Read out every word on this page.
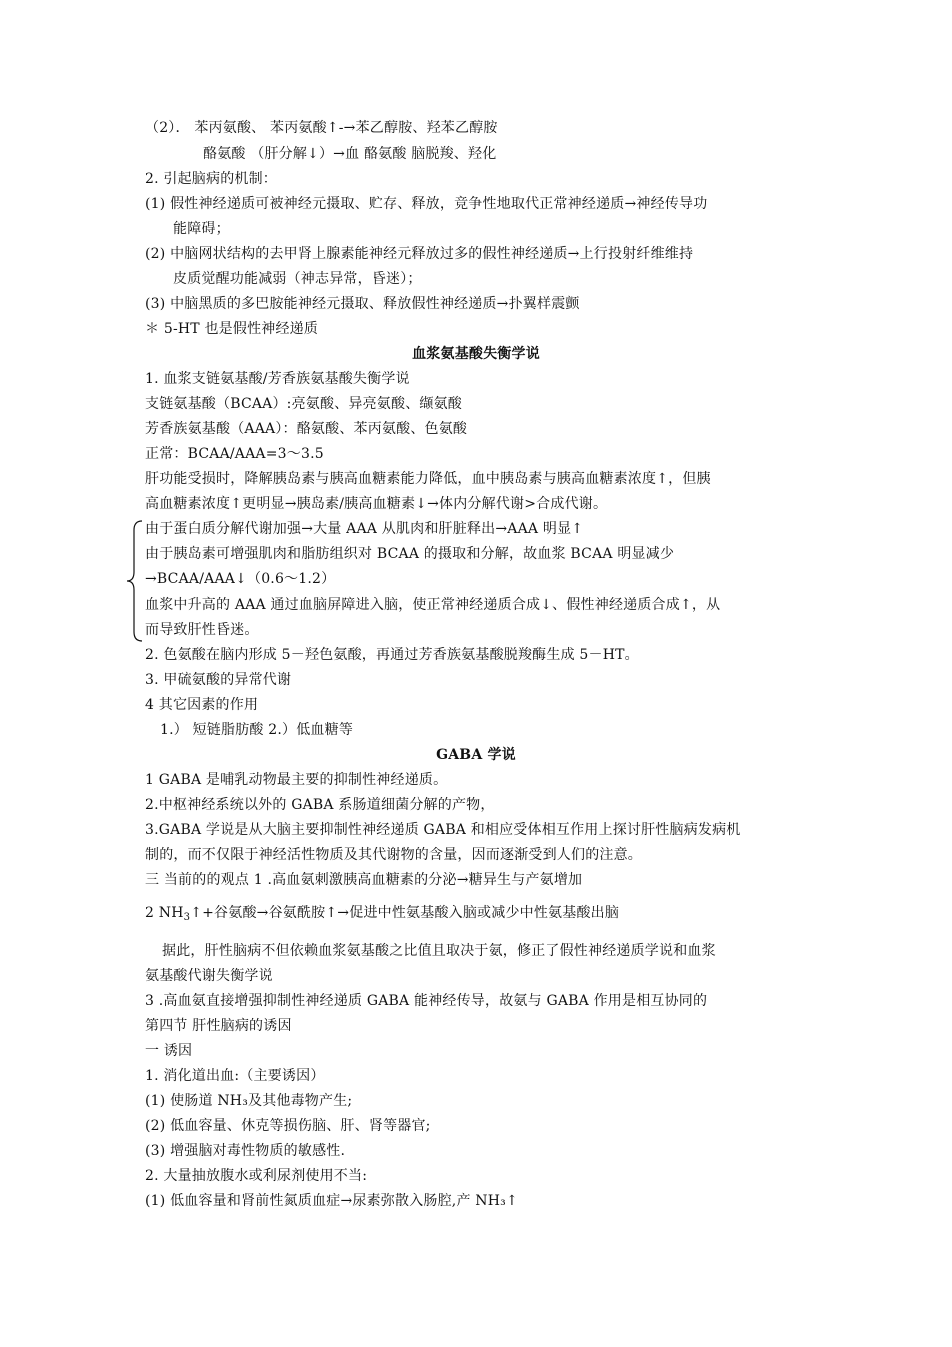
（2）． 苯丙氨酸、 苯丙氨酸↑-→苯乙醇胺、羟苯乙醇胺
酪氨酸 （肝分解↓）→血 酪氨酸 脑脱羧、羟化
2. 引起脑病的机制：
(1) 假性神经递质可被神经元摄取、贮存、释放，竞争性地取代正常神经递质→神经传导功
能障碍；
(2) 中脑网状结构的去甲肾上腺素能神经元释放过多的假性神经递质→上行投射纤维维持
皮质觉醒功能减弱（神志异常，昏迷）；
(3) 中脑黑质的多巴胺能神经元摄取、释放假性神经递质→扑翼样震颤
＊ 5-HT 也是假性神经递质
血浆氨基酸失衡学说
1. 血浆支链氨基酸/芳香族氨基酸失衡学说
支链氨基酸（BCAA）:亮氨酸、异亮氨酸、缬氨酸
芳香族氨基酸（AAA）：酪氨酸、苯丙氨酸、色氨酸
正常：BCAA/AAA=3～3.5
肝功能受损时，降解胰岛素与胰高血糖素能力降低，血中胰岛素与胰高血糖素浓度↑，但胰
高血糖素浓度↑更明显→胰岛素/胰高血糖素↓→体内分解代谢>合成代谢。
由于蛋白质分解代谢加强→大量 AAA 从肌肉和肝脏释出→AAA 明显↑
由于胰岛素可增强肌肉和脂肪组织对 BCAA 的摄取和分解，故血浆 BCAA 明显减少
→BCAA/AAA↓（0.6～1.2）
血浆中升高的 AAA 通过血脑屏障进入脑，使正常神经递质合成↓、假性神经递质合成↑，从
而导致肝性昏迷。
2. 色氨酸在脑内形成 5－羟色氨酸，再通过芳香族氨基酸脱羧酶生成 5－HT。
3. 甲硫氨酸的异常代谢
4 其它因素的作用
1.） 短链脂肪酸 2.）低血糖等
GABA 学说
1 GABA 是哺乳动物最主要的抑制性神经递质。
2.中枢神经系统以外的 GABA 系肠道细菌分解的产物，
3.GABA 学说是从大脑主要抑制性神经递质 GABA 和相应受体相互作用上探讨肝性脑病发病机
制的，而不仅限于神经活性物质及其代谢物的含量，因而逐渐受到人们的注意。
三 当前的的观点 1 .高血氨刺激胰高血糖素的分泌→糖异生与产氨增加
2 $NH_3↑+$谷氨酸→谷氨酰胺↑→促进中性氨基酸入脑或减少中性氨基酸出脑
据此，肝性脑病不但依赖血浆氨基酸之比值且取决于氨，修正了假性神经递质学说和血浆
氨基酸代谢失衡学说
3 .高血氨直接增强抑制性神经递质 GABA 能神经传导，故氨与 GABA 作用是相互协同的
第四节 肝性脑病的诱因
一 诱因
1. 消化道出血:（主要诱因）
(1) 使肠道 NH₃及其他毒物产生;
(2) 低血容量、休克等损伤脑、肝、肾等器官;
(3) 增强脑对毒性物质的敏感性.
2. 大量抽放腹水或利尿剂使用不当:
(1) 低血容量和肾前性氮质血症→尿素弥散入肠腔,产 NH₃↑
